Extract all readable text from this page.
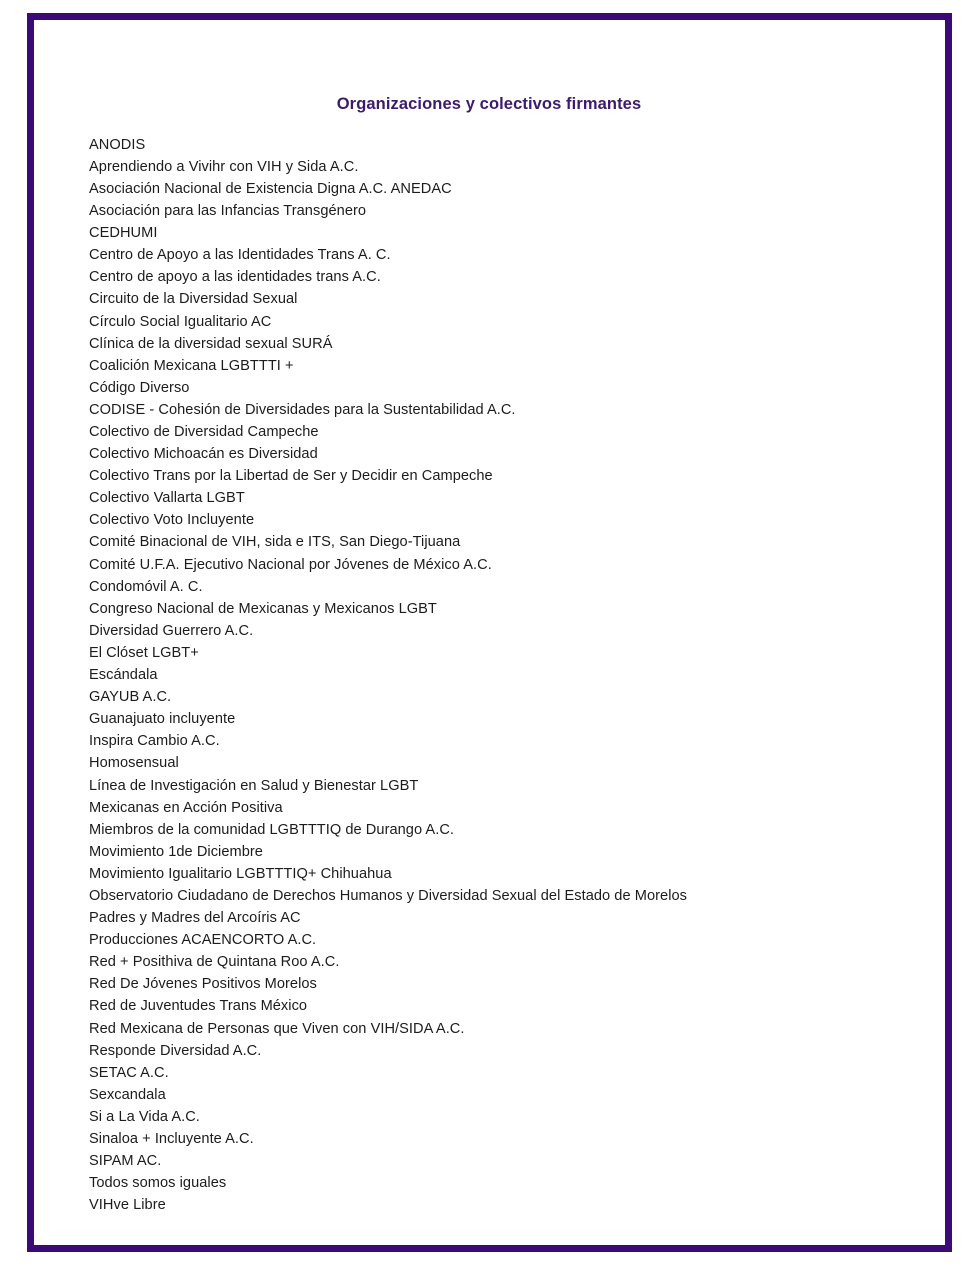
Organizaciones y colectivos firmantes
ANODIS
Aprendiendo a Vivihr con VIH y Sida A.C.
Asociación Nacional de Existencia Digna A.C. ANEDAC
Asociación para las Infancias Transgénero
CEDHUMI
Centro de Apoyo a las Identidades Trans A. C.
Centro de apoyo a las identidades trans A.C.
Circuito de la Diversidad Sexual
Círculo Social Igualitario AC
Clínica de la diversidad sexual SURÁ
Coalición Mexicana LGBTTTI +
Código Diverso
CODISE - Cohesión de Diversidades para la Sustentabilidad A.C.
Colectivo de Diversidad Campeche
Colectivo Michoacán es Diversidad
Colectivo Trans por la Libertad de Ser y Decidir en Campeche
Colectivo Vallarta LGBT
Colectivo Voto Incluyente
Comité Binacional de VIH, sida e ITS, San Diego-Tijuana
Comité U.F.A. Ejecutivo Nacional por Jóvenes de México A.C.
Condomóvil A. C.
Congreso Nacional de Mexicanas y Mexicanos LGBT
Diversidad Guerrero A.C.
El Clóset LGBT+
Escándala
GAYUB A.C.
Guanajuato incluyente
Inspira Cambio A.C.
Homosensual
Línea de Investigación en Salud y Bienestar LGBT
Mexicanas en Acción Positiva
Miembros de la comunidad LGBTTTIQ de Durango A.C.
Movimiento 1de Diciembre
Movimiento Igualitario LGBTTTIQ+ Chihuahua
Observatorio Ciudadano de Derechos Humanos y Diversidad Sexual del Estado de Morelos
Padres y Madres del Arcoíris AC
Producciones ACAENCORTO A.C.
Red + Posithiva de Quintana Roo A.C.
Red De Jóvenes Positivos Morelos
Red de Juventudes Trans México
Red Mexicana de Personas que Viven con VIH/SIDA A.C.
Responde Diversidad A.C.
SETAC A.C.
Sexcandala
Si a La Vida A.C.
Sinaloa + Incluyente A.C.
SIPAM AC.
Todos somos iguales
VIHve Libre
